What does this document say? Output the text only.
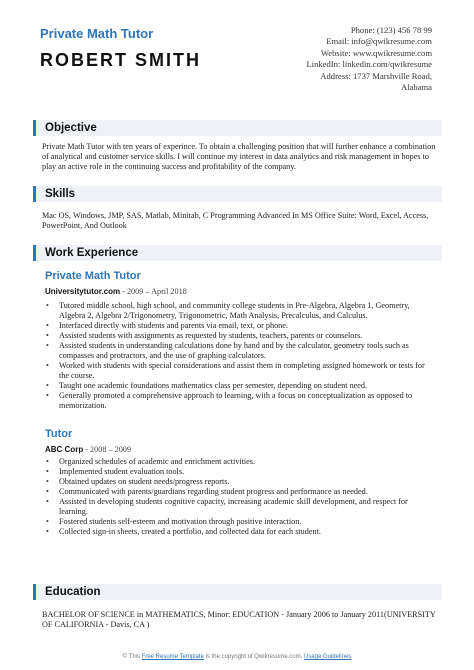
Private Math Tutor
ROBERT SMITH
Phone: (123) 456 78 99
Email: info@qwikresume.com
Website: www.qwikresume.com
LinkedIn: linkedin.com/qwikresume
Address: 1737 Marshville Road,
Alabama
Objective
Private Math Tutor with ten years of experince. To obtain a challenging position that will further enhance a combination of analytical and customer service skills. I will continue my interest in data analytics and risk management in hopes to play an active role in the continuing success and profitability of the company.
Skills
Mac OS, Windows, JMP, SAS, Matlab, Minitab, C Programming Advanced In MS Office Suite: Word, Excel, Access, PowerPoint, And Outlook
Work Experience
Private Math Tutor
Universitytutor.com - 2009 – April 2018
• Tutored middle school, high school, and community college students in Pre-Algebra, Algebra 1, Geometry, Algebra 2, Algebra 2/Trigonometry, Trigonometric, Math Analysis, Precalculus, and Calculus.
• Interfaced directly with students and parents via email, text, or phone.
• Assisted students with assignments as requested by students, teachers, parents or counselors.
• Assisted students in understanding calculations done by hand and by the calculator, geometry tools such as compasses and protractors, and the use of graphing calculators.
• Worked with students with special considerations and assist them in completing assigned homework or tests for the course.
• Taught one academic foundations mathematics class per semester, depending on student need.
• Generally promoted a comprehensive approach to learning, with a focus on conceptualization as opposed to memorization.
Tutor
ABC Corp - 2008 – 2009
• Organized schedules of academic and enrichment activities.
• Implemented student evaluation tools.
• Obtained updates on student needs/progress reports.
• Communicated with parents/guardians regarding student progress and performance as needed.
• Assisted in developing students cognitive capacity, increasing academic skill development, and respect for learning.
• Fostered students self-esteem and motivation through positive interaction.
• Collected sign-in sheets, created a portfolio, and collected data for each student.
Education
BACHELOR OF SCIENCE in MATHEMATICS, Minor: EDUCATION - January 2006 to January 2011(UNIVERSITY OF CALIFORNIA - Davis, CA )
© This Free Resume Template is the copyright of Qwikresume.com. Usage Guidelines
Build Your Own Resume Now
